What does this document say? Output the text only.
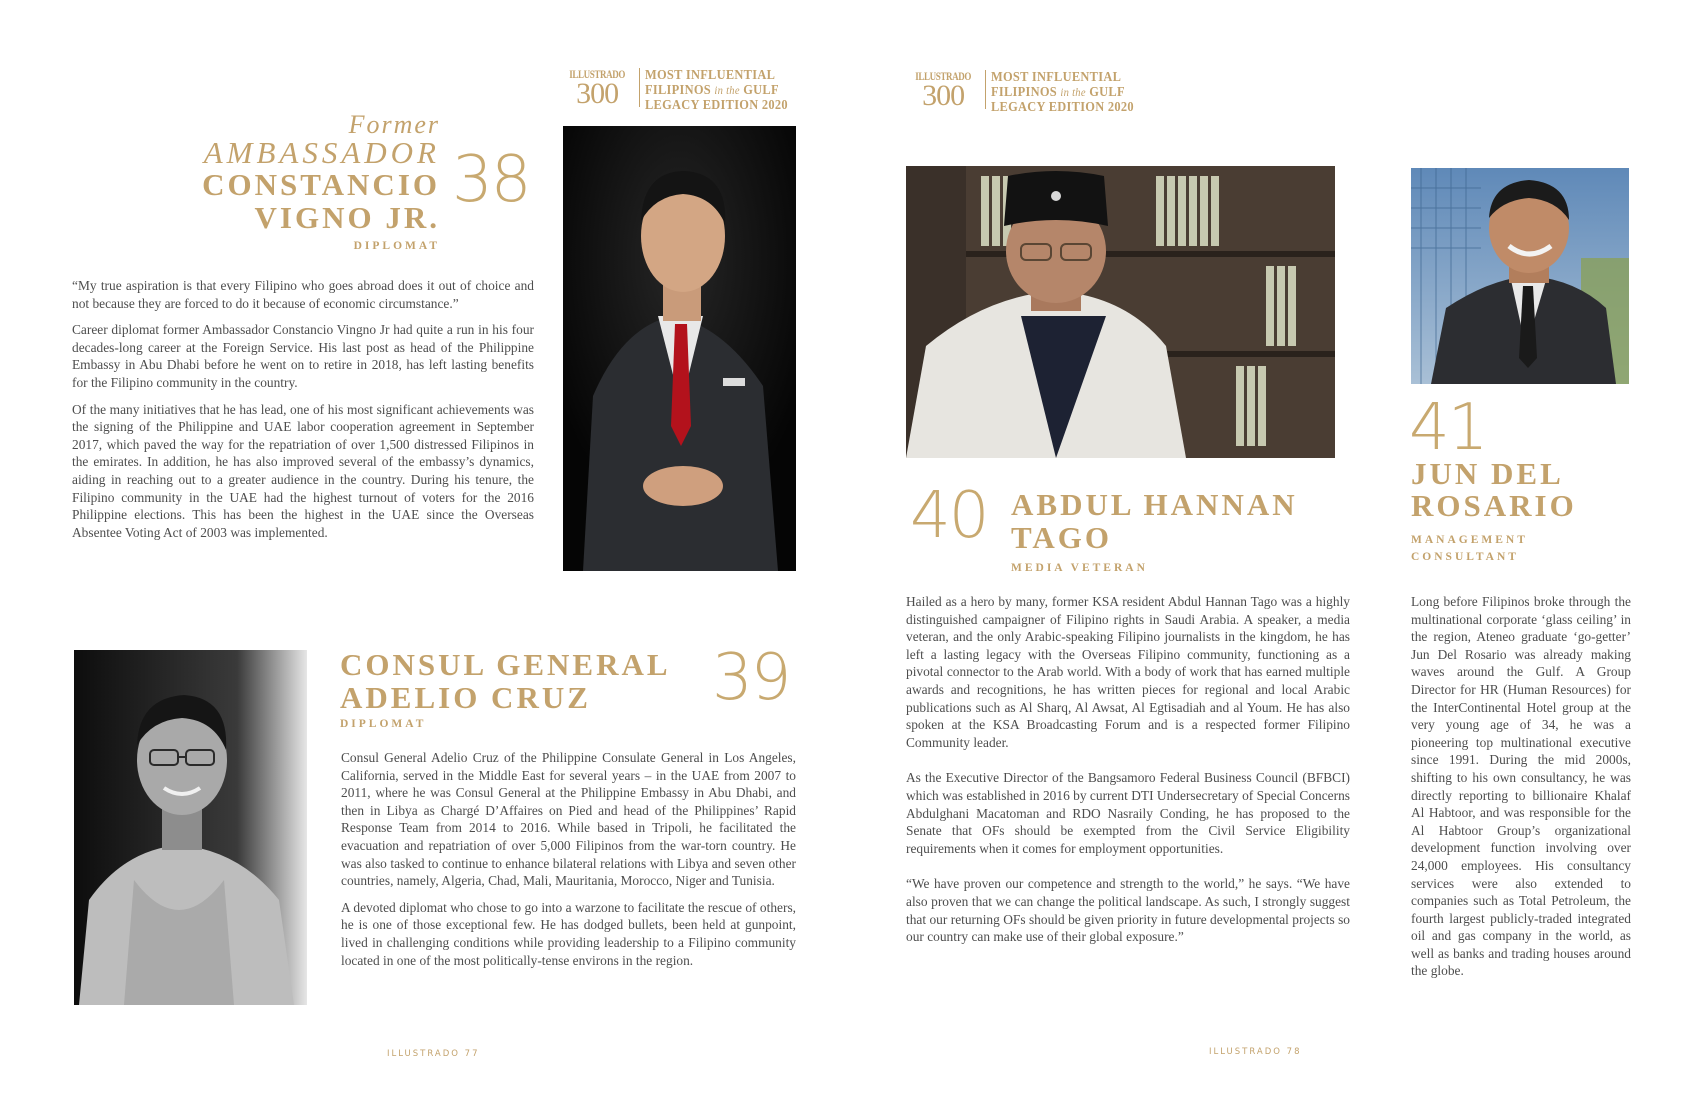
ILLUSTRADO
300
MOST INFLUENTIAL
FILIPINOS in the GULF
LEGACY EDITION 2020
Former
AMBASSADOR
CONSTANCIO
VIGNO JR.
DIPLOMAT
38

“My true aspiration is that every Filipino who goes abroad does it out of choice and not because they are forced to do it because of economic circumstance.”

Career diplomat former Ambassador Constancio Vingno Jr had quite a run in his four decades-long career at the Foreign Service. His last post as head of the Philippine Embassy in Abu Dhabi before he went on to retire in 2018, has left lasting benefits for the Filipino community in the country.

Of the many initiatives that he has lead, one of his most significant achievements was the signing of the Philippine and UAE labor cooperation agreement in September 2017, which paved the way for the repatriation of over 1,500 distressed Filipinos in the emirates. In addition, he has also improved several of the embassy’s dynamics, aiding in reaching out to a greater audience in the country. During his tenure, the Filipino community in the UAE had the highest turnout of voters for the 2016 Philippine elections. This has been the highest in the UAE since the Overseas Absentee Voting Act of 2003 was implemented.

CONSUL GENERAL
ADELIO CRUZ
DIPLOMAT
39

Consul General Adelio Cruz of the Philippine Consulate General in Los Angeles, California, served in the Middle East for several years – in the UAE from 2007 to 2011, where he was Consul General at the Philippine Embassy in Abu Dhabi, and then in Libya as Chargé D’Affaires on Pied and head of the Philippines’ Rapid Response Team from 2014 to 2016. While based in Tripoli, he facilitated the evacuation and repatriation of over 5,000 Filipinos from the war-torn country. He was also tasked to continue to enhance bilateral relations with Libya and seven other countries, namely, Algeria, Chad, Mali, Mauritania, Morocco, Niger and Tunisia.

A devoted diplomat who chose to go into a warzone to facilitate the rescue of others, he is one of those exceptional few. He has dodged bullets, been held at gunpoint, lived in challenging conditions while providing leadership to a Filipino community located in one of the most politically-tense environs in the region.

ILLUSTRADO 77
ILLUSTRADO
300
MOST INFLUENTIAL
FILIPINOS in the GULF
LEGACY EDITION 2020
40 ABDUL HANNAN
TAGO
MEDIA VETERAN

Hailed as a hero by many, former KSA resident Abdul Hannan Tago was a highly distinguished campaigner of Filipino rights in Saudi Arabia. A speaker, a media veteran, and the only Arabic-speaking Filipino journalists in the kingdom, he has left a lasting legacy with the Overseas Filipino community, functioning as a pivotal connector to the Arab world. With a body of work that has earned multiple awards and recognitions, he has written pieces for regional and local Arabic publications such as Al Sharq, Al Awsat, Al Egtisadiah and al Youm. He has also spoken at the KSA Broadcasting Forum and is a respected former Filipino Community leader.

As the Executive Director of the Bangsamoro Federal Business Council (BFBCI) which was established in 2016 by current DTI Undersecretary of Special Concerns Abdulghani Macatoman and RDO Nasraily Conding, he has proposed to the Senate that OFs should be exempted from the Civil Service Eligibility requirements when it comes for employment opportunities.

“We have proven our competence and strength to the world,” he says. “We have also proven that we can change the political landscape. As such, I strongly suggest that our returning OFs should be given priority in future developmental projects so our country can make use of their global exposure.”

41
JUN DEL
ROSARIO
MANAGEMENT
CONSULTANT

Long before Filipinos broke through the multinational corporate ‘glass ceiling’ in the region, Ateneo graduate ‘go-getter’ Jun Del Rosario was already making waves around the Gulf. A Group Director for HR (Human Resources) for the InterContinental Hotel group at the very young age of 34, he was a pioneering top multinational executive since 1991. During the mid 2000s, shifting to his own consultancy, he was directly reporting to billionaire Khalaf Al Habtoor, and was responsible for the Al Habtoor Group’s organizational development function involving over 24,000 employees. His consultancy services were also extended to companies such as Total Petroleum, the fourth largest publicly-traded integrated oil and gas company in the world, as well as banks and trading houses around the globe.

ILLUSTRADO 78
